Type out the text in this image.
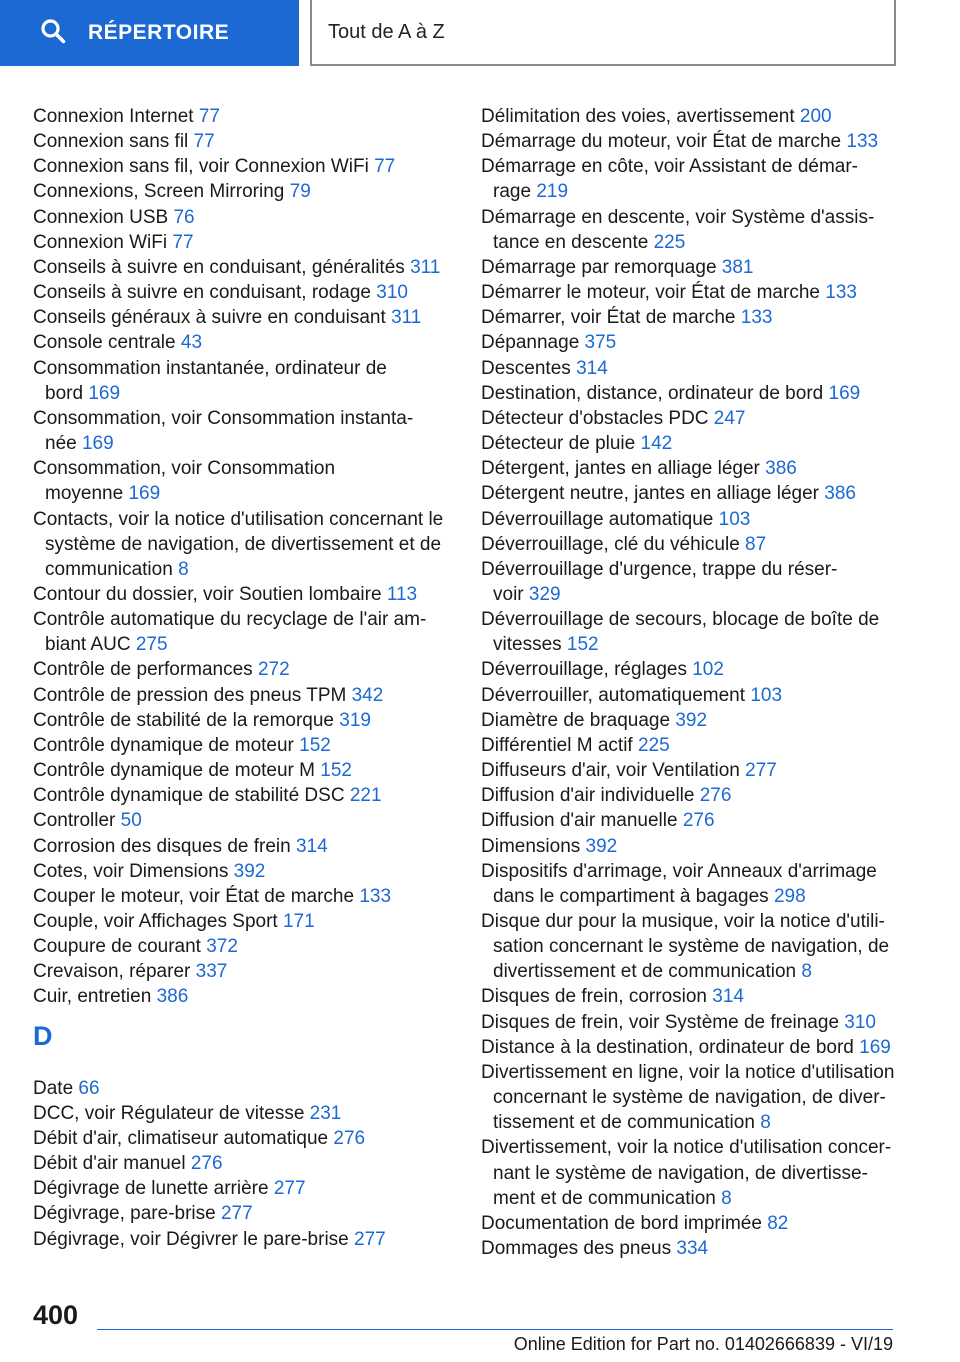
RÉPERTOIRE	Tout de A à Z
Connexion Internet 77
Connexion sans fil 77
Connexion sans fil, voir Connexion WiFi 77
Connexions, Screen Mirroring 79
Connexion USB 76
Connexion WiFi 77
Conseils à suivre en conduisant, généralités 311
Conseils à suivre en conduisant, rodage 310
Conseils généraux à suivre en conduisant 311
Console centrale 43
Consommation instantanée, ordinateur de
bord 169
Consommation, voir Consommation instanta-
née 169
Consommation, voir Consommation
moyenne 169
Contacts, voir la notice d'utilisation concernant le
système de navigation, de divertissement et de
communication 8
Contour du dossier, voir Soutien lombaire 113
Contrôle automatique du recyclage de l'air am-
biant AUC 275
Contrôle de performances 272
Contrôle de pression des pneus TPM 342
Contrôle de stabilité de la remorque 319
Contrôle dynamique de moteur 152
Contrôle dynamique de moteur M 152
Contrôle dynamique de stabilité DSC 221
Controller 50
Corrosion des disques de frein 314
Cotes, voir Dimensions 392
Couper le moteur, voir État de marche 133
Couple, voir Affichages Sport 171
Coupure de courant 372
Crevaison, réparer 337
Cuir, entretien 386
D
Date 66
DCC, voir Régulateur de vitesse 231
Débit d'air, climatiseur automatique 276
Débit d'air manuel 276
Dégivrage de lunette arrière 277
Dégivrage, pare-brise 277
Dégivrage, voir Dégivrer le pare-brise 277
Délimitation des voies, avertissement 200
Démarrage du moteur, voir État de marche 133
Démarrage en côte, voir Assistant de démar-
rage 219
Démarrage en descente, voir Système d'assis-
tance en descente 225
Démarrage par remorquage 381
Démarrer le moteur, voir État de marche 133
Démarrer, voir État de marche 133
Dépannage 375
Descentes 314
Destination, distance, ordinateur de bord 169
Détecteur d'obstacles PDC 247
Détecteur de pluie 142
Détergent, jantes en alliage léger 386
Détergent neutre, jantes en alliage léger 386
Déverrouillage automatique 103
Déverrouillage, clé du véhicule 87
Déverrouillage d'urgence, trappe du réser-
voir 329
Déverrouillage de secours, blocage de boîte de
vitesses 152
Déverrouillage, réglages 102
Déverrouiller, automatiquement 103
Diamètre de braquage 392
Différentiel M actif 225
Diffuseurs d'air, voir Ventilation 277
Diffusion d'air individuelle 276
Diffusion d'air manuelle 276
Dimensions 392
Dispositifs d'arrimage, voir Anneaux d'arrimage
dans le compartiment à bagages 298
Disque dur pour la musique, voir la notice d'utili-
sation concernant le système de navigation, de
divertissement et de communication 8
Disques de frein, corrosion 314
Disques de frein, voir Système de freinage 310
Distance à la destination, ordinateur de bord 169
Divertissement en ligne, voir la notice d'utilisation
concernant le système de navigation, de diver-
tissement et de communication 8
Divertissement, voir la notice d'utilisation concer-
nant le système de navigation, de divertisse-
ment et de communication 8
Documentation de bord imprimée 82
Dommages des pneus 334
400
Online Edition for Part no. 01402666839 - VI/19
